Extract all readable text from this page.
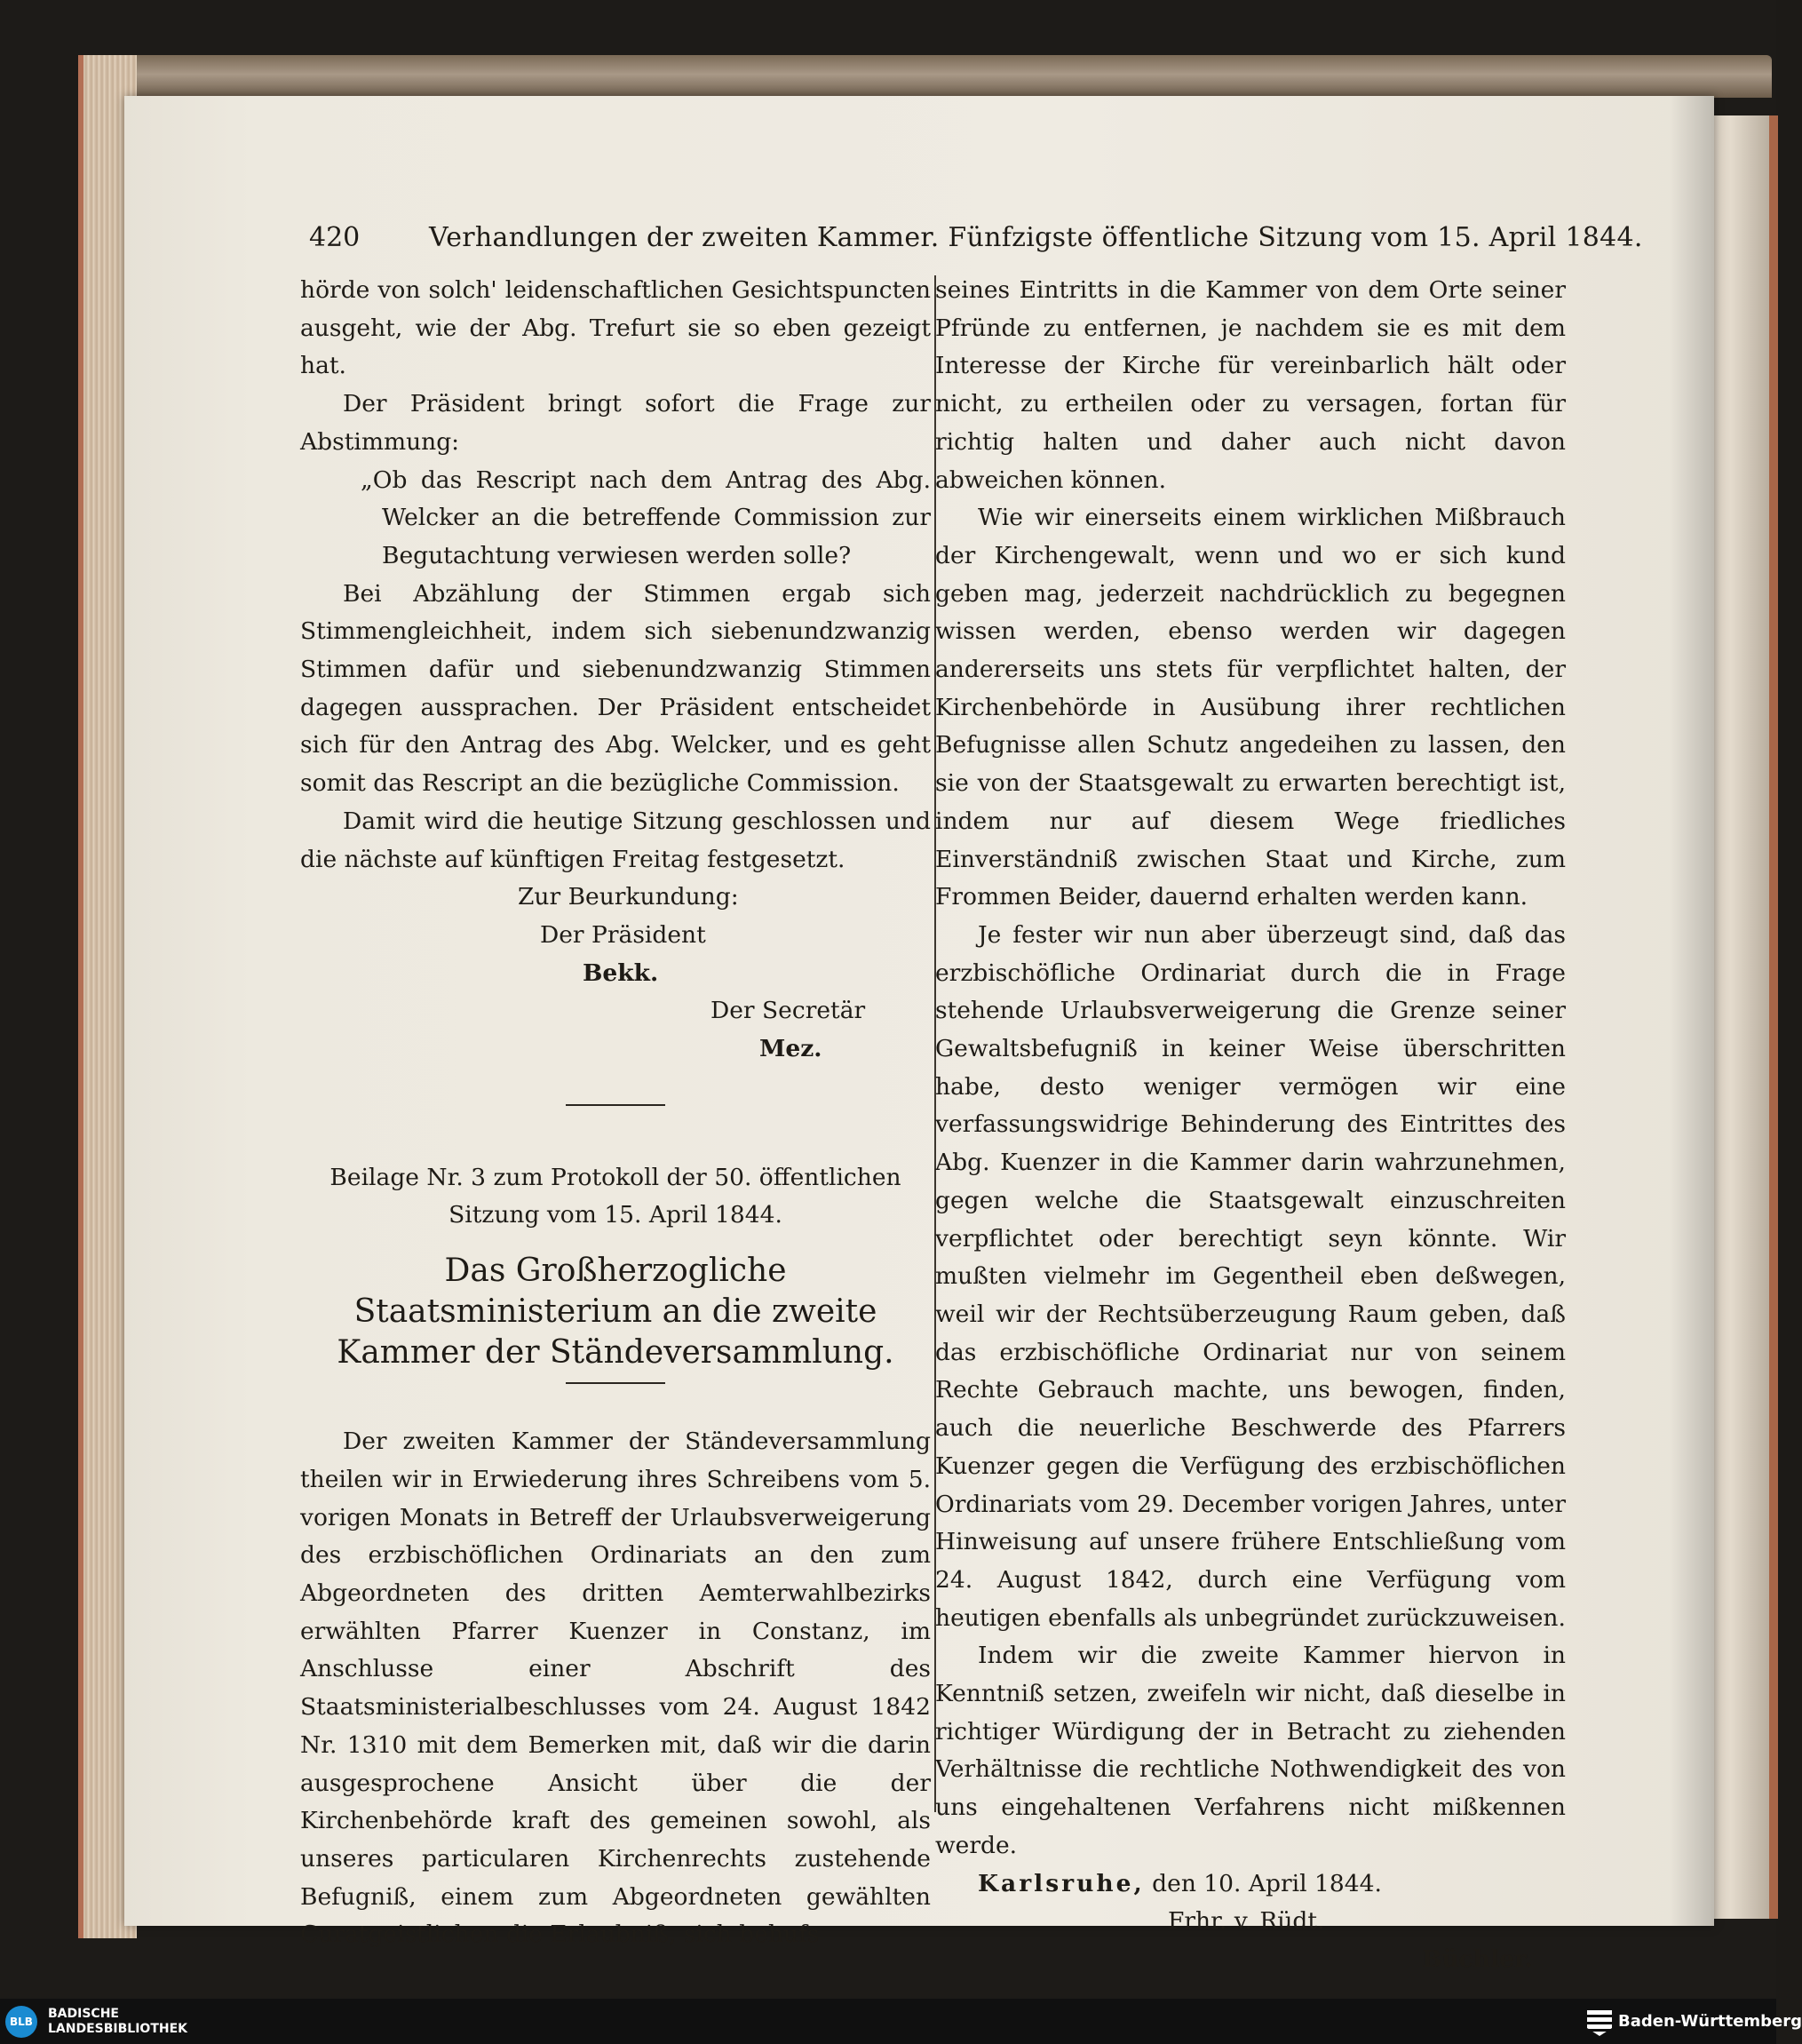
420	Verhandlungen der zweiten Kammer. Fünfzigste öffentliche Sitzung vom 15. April 1844.

hörde von solch' leidenschaftlichen Gesichtspuncten ausgeht, wie der Abg. Trefurt sie so eben gezeigt hat.

Der Präsident bringt sofort die Frage zur Abstimmung:

„Ob das Rescript nach dem Antrag des Abg. Welcker an die betreffende Commission zur Begutachtung verwiesen werden solle?

Bei Abzählung der Stimmen ergab sich Stimmengleichheit, indem sich siebenundzwanzig Stimmen dafür und siebenundzwanzig Stimmen dagegen aussprachen. Der Präsident entscheidet sich für den Antrag des Abg. Welcker, und es geht somit das Rescript an die bezügliche Commission.

Damit wird die heutige Sitzung geschlossen und die nächste auf künftigen Freitag festgesetzt.

Zur Beurkundung:

Der Präsident

Bekk.

Der Secretär

Mez.

Beilage Nr. 3 zum Protokoll der 50. öffentlichen Sitzung vom 15. April 1844.

Das Großherzogliche Staatsministerium an die zweite Kammer der Ständeversammlung.

Der zweiten Kammer der Ständeversammlung theilen wir in Erwiederung ihres Schreibens vom 5. vorigen Monats in Betreff der Urlaubsverweigerung des erzbischöflichen Ordinariats an den zum Abgeordneten des dritten Aemterwahlbezirks erwählten Pfarrer Kuenzer in Constanz, im Anschlusse einer Abschrift des Staatsministerialbeschlusses vom 24. August 1842 Nr. 1310 mit dem Bemerken mit, daß wir die darin ausgesprochene Ansicht über die der Kirchenbehörde kraft des gemeinen sowohl, als unseres particularen Kirchenrechts zustehende Befugniß, einem zum Abgeordneten gewählten Curatgeistlichen die Erlaubniß, sich behufs

seines Eintritts in die Kammer von dem Orte seiner Pfründe zu entfernen, je nachdem sie es mit dem Interesse der Kirche für vereinbarlich hält oder nicht, zu ertheilen oder zu versagen, fortan für richtig halten und daher auch nicht davon abweichen können.

Wie wir einerseits einem wirklichen Mißbrauch der Kirchengewalt, wenn und wo er sich kund geben mag, jederzeit nachdrücklich zu begegnen wissen werden, ebenso werden wir dagegen andererseits uns stets für verpflichtet halten, der Kirchenbehörde in Ausübung ihrer rechtlichen Befugnisse allen Schutz angedeihen zu lassen, den sie von der Staatsgewalt zu erwarten berechtigt ist, indem nur auf diesem Wege friedliches Einverständniß zwischen Staat und Kirche, zum Frommen Beider, dauernd erhalten werden kann.

Je fester wir nun aber überzeugt sind, daß das erzbischöfliche Ordinariat durch die in Frage stehende Urlaubsverweigerung die Grenze seiner Gewaltsbefugniß in keiner Weise überschritten habe, desto weniger vermögen wir eine verfassungswidrige Behinderung des Eintrittes des Abg. Kuenzer in die Kammer darin wahrzunehmen, gegen welche die Staatsgewalt einzuschreiten verpflichtet oder berechtigt seyn könnte. Wir mußten vielmehr im Gegentheil eben deßwegen, weil wir der Rechtsüberzeugung Raum geben, daß das erzbischöfliche Ordinariat nur von seinem Rechte Gebrauch machte, uns bewogen, finden, auch die neuerliche Beschwerde des Pfarrers Kuenzer gegen die Verfügung des erzbischöflichen Ordinariats vom 29. December vorigen Jahres, unter Hinweisung auf unsere frühere Entschließung vom 24. August 1842, durch eine Verfügung vom heutigen ebenfalls als unbegründet zurückzuweisen.

Indem wir die zweite Kammer hiervon in Kenntniß setzen, zweifeln wir nicht, daß dieselbe in richtiger Würdigung der in Betracht zu ziehenden Verhältnisse die rechtliche Nothwendigkeit des von uns eingehaltenen Verfahrens nicht mißkennen werde.

Karlsruhe, den 10. April 1844.

Frhr. v. Rüdt.

Büchler.

BLB
BADISCHE
LANDESBIBLIOTHEK	Baden-Württemberg
